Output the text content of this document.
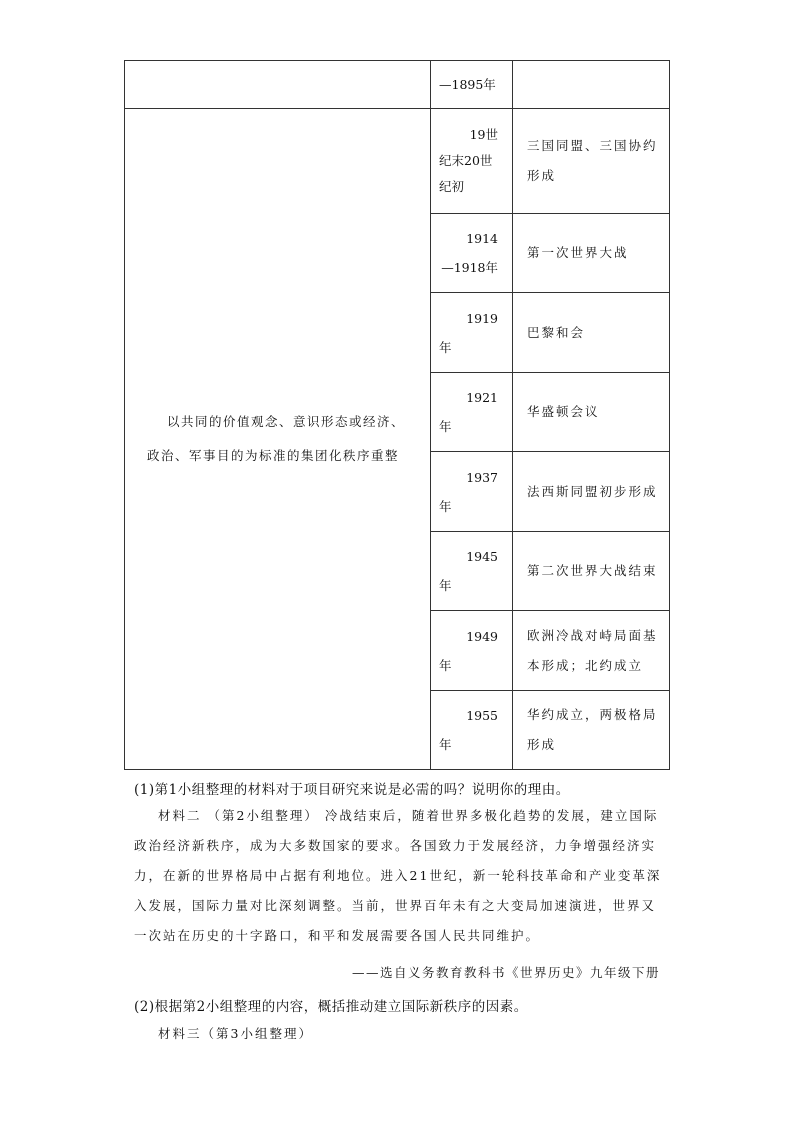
	—1895年	

以共同的价值观念、意识形态或经济、政治、军事目的为标准的集团化秩序重整	19世
纪末20世纪初	三国同盟、三国协约形成

	1914
—1918年	第一次世界大战

	1919
年	巴黎和会

	1921
年	华盛顿会议

	1937
年	法西斯同盟初步形成

	1945
年	第二次世界大战结束

	1949
年	欧洲冷战对峙局面基本形成；北约成立

	1955
年	华约成立，两极格局形成
(1)第1小组整理的材料对于项目研究来说是必需的吗？说明你的理由。
材料二 （第2小组整理） 冷战结束后，随着世界多极化趋势的发展，建立国际政治经济新秩序，成为大多数国家的要求。各国致力于发展经济，力争增强经济实力，在新的世界格局中占据有利地位。进入21世纪，新一轮科技革命和产业变革深入发展，国际力量对比深刻调整。当前，世界百年未有之大变局加速演进，世界又一次站在历史的十字路口，和平和发展需要各国人民共同维护。
——选自义务教育教科书《世界历史》九年级下册
(2)根据第2小组整理的内容，概括推动建立国际新秩序的因素。
材料三（第3小组整理）
